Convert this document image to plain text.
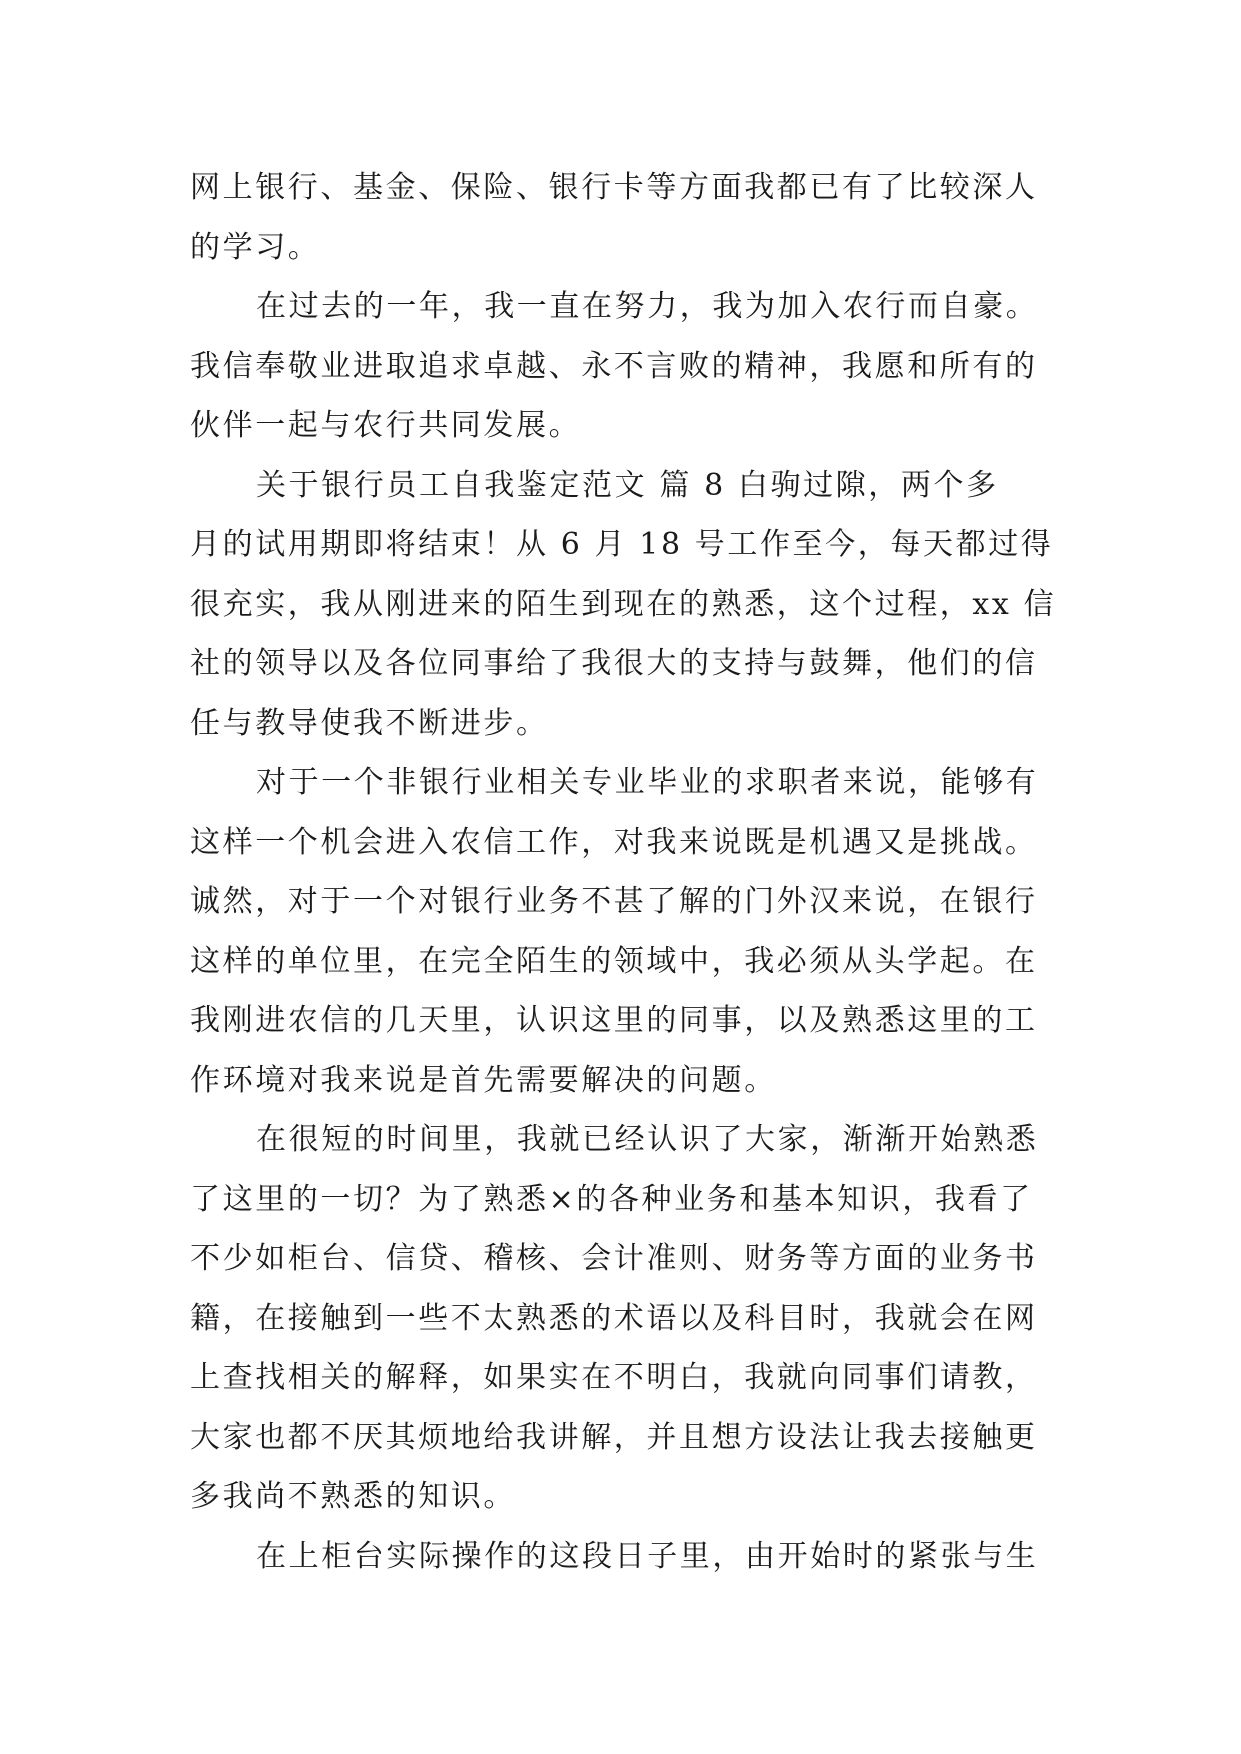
网上银行、基金、保险、银行卡等方面我都已有了比较深人
的学习。
在过去的一年，我一直在努力，我为加入农行而自豪。
我信奉敬业进取追求卓越、永不言败的精神，我愿和所有的
伙伴一起与农行共同发展。
关于银行员工自我鉴定范文 篇 8 白驹过隙，两个多
月的试用期即将结束！从 6 月 18 号工作至今，每天都过得
很充实，我从刚进来的陌生到现在的熟悉，这个过程，xx 信
社的领导以及各位同事给了我很大的支持与鼓舞，他们的信
任与教导使我不断进步。
对于一个非银行业相关专业毕业的求职者来说，能够有
这样一个机会进入农信工作，对我来说既是机遇又是挑战。
诚然，对于一个对银行业务不甚了解的门外汉来说，在银行
这样的单位里，在完全陌生的领域中，我必须从头学起。在
我刚进农信的几天里，认识这里的同事，以及熟悉这里的工
作环境对我来说是首先需要解决的问题。
在很短的时间里，我就已经认识了大家，渐渐开始熟悉
了这里的一切？为了熟悉×的各种业务和基本知识，我看了
不少如柜台、信贷、稽核、会计准则、财务等方面的业务书
籍，在接触到一些不太熟悉的术语以及科目时，我就会在网
上查找相关的解释，如果实在不明白，我就向同事们请教，
大家也都不厌其烦地给我讲解，并且想方设法让我去接触更
多我尚不熟悉的知识。
在上柜台实际操作的这段日子里，由开始时的紧张与生
